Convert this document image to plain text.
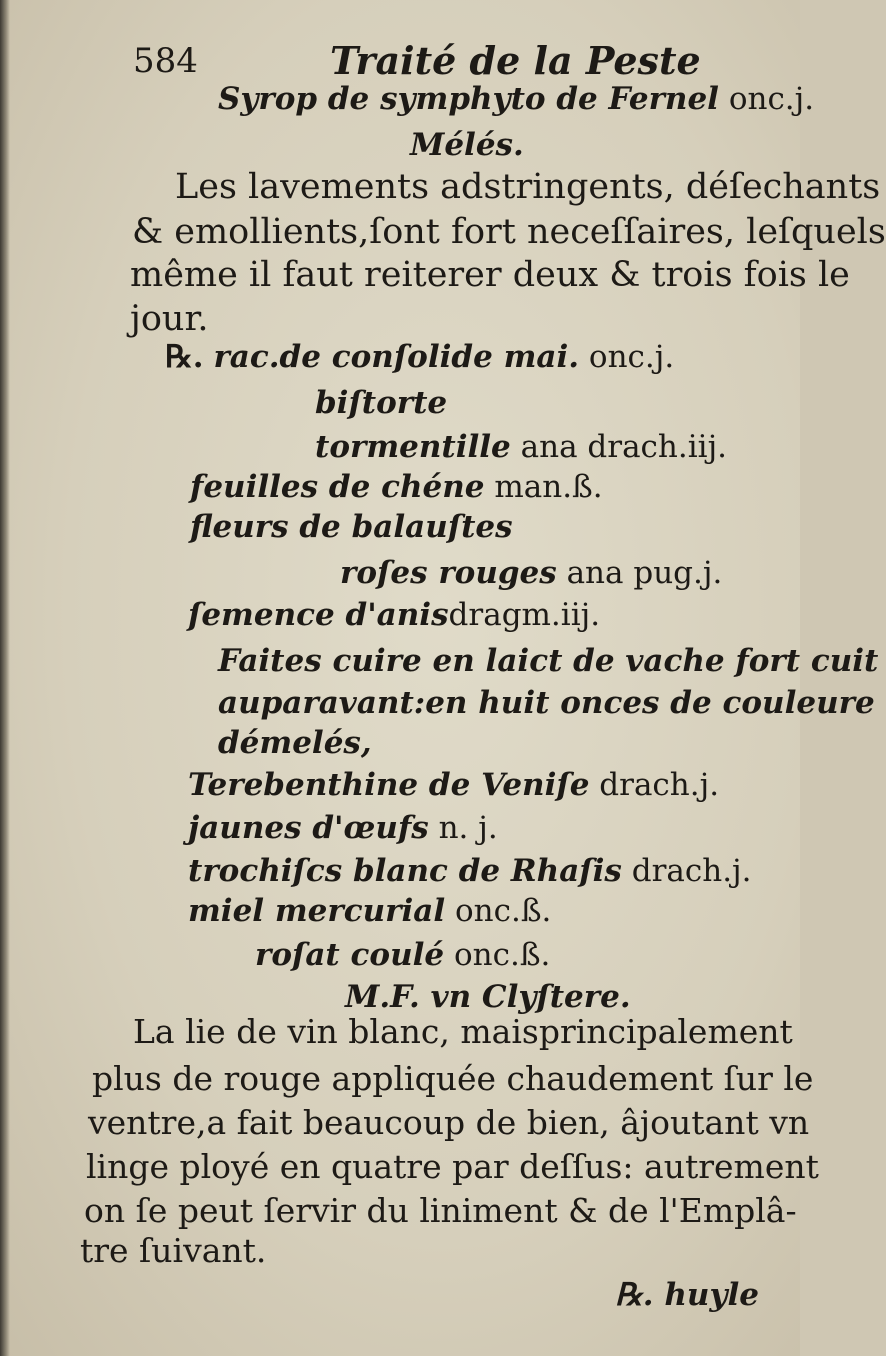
584	Traité de la Peste
Syrop de symphyto de Fernel onc.j.
Mélés.
Les lavements adstringents, déſechants
& emollients,ſont fort neceſſaires, leſquels
même il faut reiterer deux & trois fois le
jour.
℞. rac.de conſolide mai. onc.j.
biſtorte
tormentille ana drach.iij.
feuilles de chéne man.ß.
fleurs de balauſtes
roſes rouges ana pug.j.
ſemence d'anisdragm.iij.
Faites cuire en laict de vache fort cuit
auparavant:en huit onces de couleure
démelés,
Terebenthine de Veniſe drach.j.
jaunes d'œufs n. j.
trochiſcs blanc de Rhaſis drach.j.
miel mercurial onc.ß.
roſat coulé onc.ß.
M.F. vn Clyſtere.
La lie de vin blanc, maisprincipalement
plus de rouge appliquée chaudement ſur le
ventre,a fait beaucoup de bien, âjoutant vn
linge ployé en quatre par deſſus: autrement
on ſe peut ſervir du liniment & de l'Emplâ-
tre ſuivant.
℞. huyle
